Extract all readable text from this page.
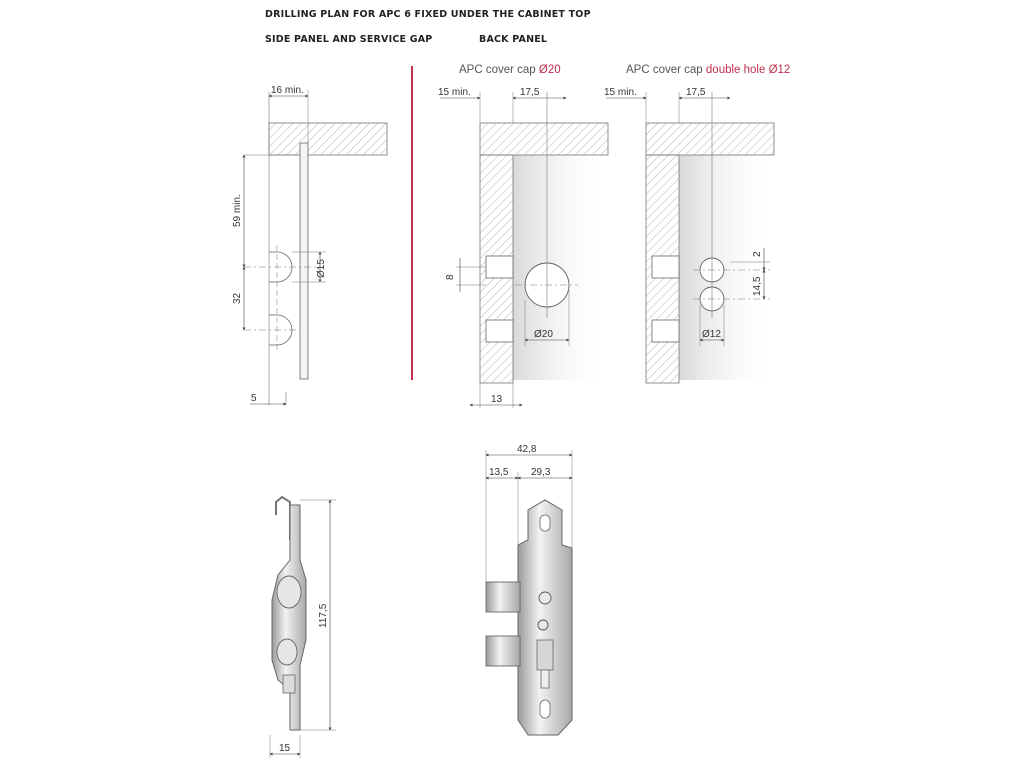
DRILLING PLAN FOR APC 6 FIXED UNDER THE CABINET TOP
SIDE PANEL AND SERVICE GAP	BACK PANEL
APC cover cap Ø20	APC cover cap double hole Ø12
16 min.
59 min.
32
Ø15
5
15 min.	17,5
8
Ø20
13
15 min.	17,5
2
14,5
Ø12
117,5
15
42,8
13,5 29,3
